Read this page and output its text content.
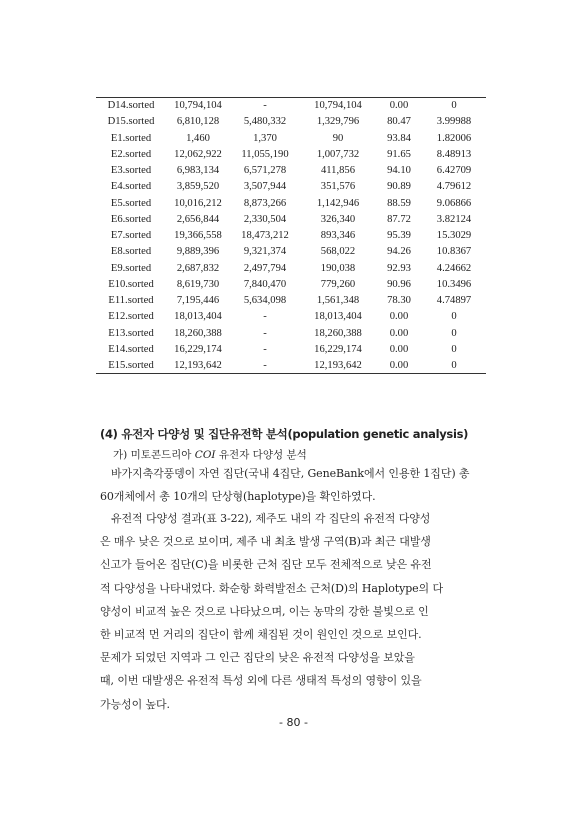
D14.sorted	10,794,104	-	10,794,104	0.00	0
D15.sorted	6,810,128	5,480,332	1,329,796	80.47	3.99988
E1.sorted	1,460	1,370	90	93.84	1.82006
E2.sorted	12,062,922	11,055,190	1,007,732	91.65	8.48913
E3.sorted	6,983,134	6,571,278	411,856	94.10	6.42709
E4.sorted	3,859,520	3,507,944	351,576	90.89	4.79612
E5.sorted	10,016,212	8,873,266	1,142,946	88.59	9.06866
E6.sorted	2,656,844	2,330,504	326,340	87.72	3.82124
E7.sorted	19,366,558	18,473,212	893,346	95.39	15.3029
E8.sorted	9,889,396	9,321,374	568,022	94.26	10.8367
E9.sorted	2,687,832	2,497,794	190,038	92.93	4.24662
E10.sorted	8,619,730	7,840,470	779,260	90.96	10.3496
E11.sorted	7,195,446	5,634,098	1,561,348	78.30	4.74897
E12.sorted	18,013,404	-	18,013,404	0.00	0
E13.sorted	18,260,388	-	18,260,388	0.00	0
E14.sorted	16,229,174	-	16,229,174	0.00	0
E15.sorted	12,193,642	-	12,193,642	0.00	0
(4) 유전자 다양성 및 집단유전학 분석(population genetic analysis)
가) 미토콘드리아 COI 유전자 다양성 분석
바가지축각풍뎅이 자연 집단(국내 4집단, GeneBank에서 인용한 1집단) 총
60개체에서 총 10개의 단상형(haplotype)을 확인하였다.
유전적 다양성 결과(표 3-22), 제주도 내의 각 집단의 유전적 다양성
은 매우 낮은 것으로 보이며, 제주 내 최초 발생 구역(B)과 최근 대발생
신고가 들어온 집단(C)을 비롯한 근처 집단 모두 전체적으로 낮은 유전
적 다양성을 나타내었다. 화순항 화력발전소 근처(D)의 Haplotype의 다
양성이 비교적 높은 것으로 나타났으며, 이는 농막의 강한 불빛으로 인
한 비교적 먼 거리의 집단이 함께 채집된 것이 원인인 것으로 보인다.
문제가 되었던 지역과 그 인근 집단의 낮은 유전적 다양성을 보았을
때, 이번 대발생은 유전적 특성 외에 다른 생태적 특성의 영향이 있을
가능성이 높다.
- 80 -
